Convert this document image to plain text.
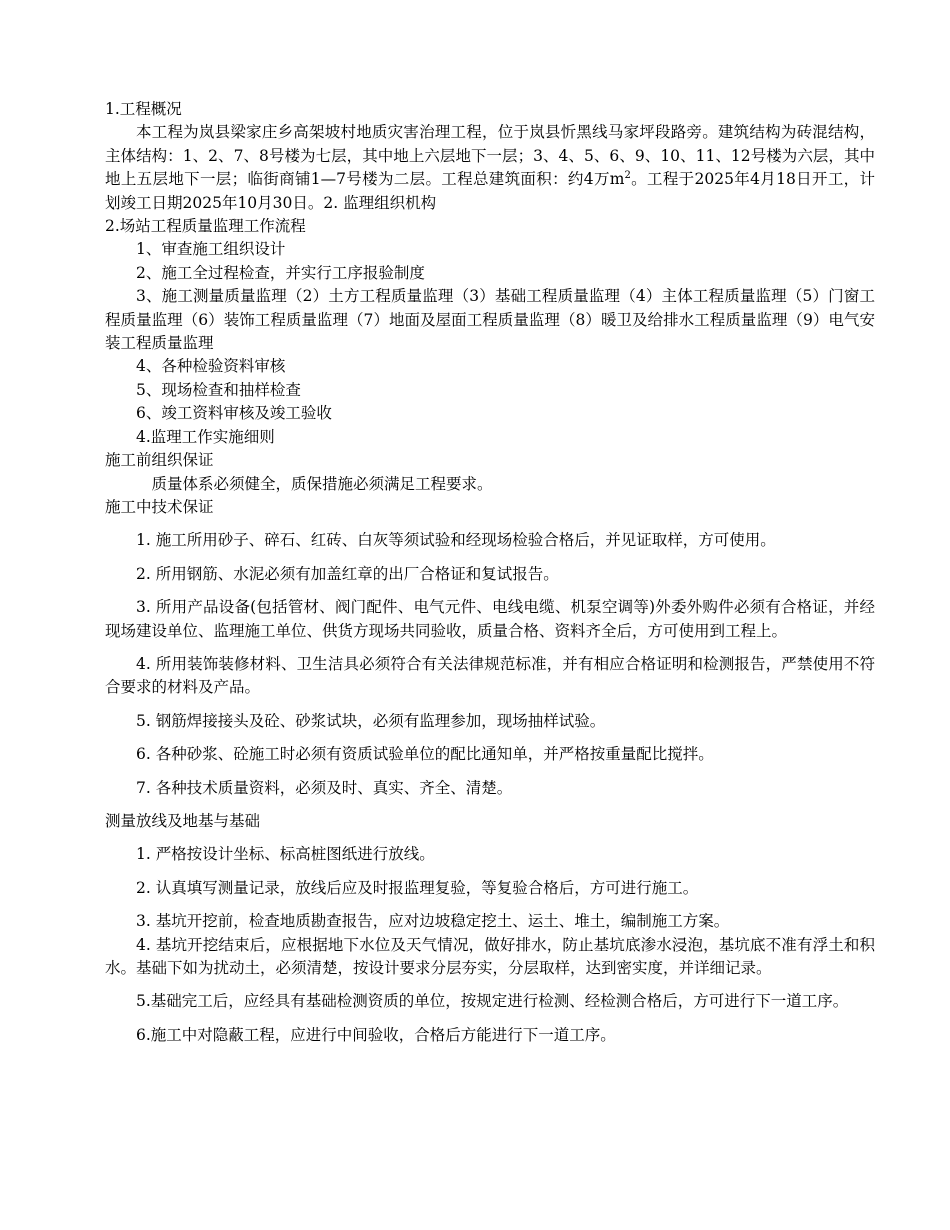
1.工程概况

本工程为岚县梁家庄乡高架坡村地质灾害治理工程，位于岚县忻黑线马家坪段路旁。建筑结构为砖混结构，主体结构：1、2、7、8号楼为七层，其中地上六层地下一层；3、4、5、6、9、10、11、12号楼为六层，其中地上五层地下一层；临街商铺1—7号楼为二层。工程总建筑面积：约4万$m^2$。工程于2025年4月18日开工，计划竣工日期2025年10月30日。2. 监理组织机构

2.场站工程质量监理工作流程

1、审查施工组织设计

2、施工全过程检查，并实行工序报验制度

3、施工测量质量监理（2）土方工程质量监理（3）基础工程质量监理（4）主体工程质量监理（5）门窗工程质量监理（6）装饰工程质量监理（7）地面及屋面工程质量监理（8）暖卫及给排水工程质量监理（9）电气安装工程质量监理

4、各种检验资料审核

5、现场检查和抽样检查

6、竣工资料审核及竣工验收

4.监理工作实施细则

施工前组织保证

质量体系必须健全，质保措施必须满足工程要求。

施工中技术保证

1. 施工所用砂子、碎石、红砖、白灰等须试验和经现场检验合格后，并见证取样，方可使用。

2. 所用钢筋、水泥必须有加盖红章的出厂合格证和复试报告。

3. 所用产品设备(包括管材、阀门配件、电气元件、电线电缆、机泵空调等)外委外购件必须有合格证，并经现场建设单位、监理施工单位、供货方现场共同验收，质量合格、资料齐全后，方可使用到工程上。

4. 所用装饰装修材料、卫生洁具必须符合有关法律规范标准，并有相应合格证明和检测报告，严禁使用不符合要求的材料及产品。

5. 钢筋焊接接头及砼、砂浆试块，必须有监理参加，现场抽样试验。

6. 各种砂浆、砼施工时必须有资质试验单位的配比通知单，并严格按重量配比搅拌。

7. 各种技术质量资料，必须及时、真实、齐全、清楚。

测量放线及地基与基础

1. 严格按设计坐标、标高桩图纸进行放线。

2. 认真填写测量记录，放线后应及时报监理复验，等复验合格后，方可进行施工。

3. 基坑开挖前，检查地质勘查报告，应对边坡稳定挖土、运土、堆土，编制施工方案。

4. 基坑开挖结束后，应根据地下水位及天气情况，做好排水，防止基坑底渗水浸泡，基坑底不准有浮土和积水。基础下如为扰动土，必须清楚，按设计要求分层夯实，分层取样，达到密实度，并详细记录。

5.基础完工后，应经具有基础检测资质的单位，按规定进行检测、经检测合格后，方可进行下一道工序。

6.施工中对隐蔽工程，应进行中间验收，合格后方能进行下一道工序。
